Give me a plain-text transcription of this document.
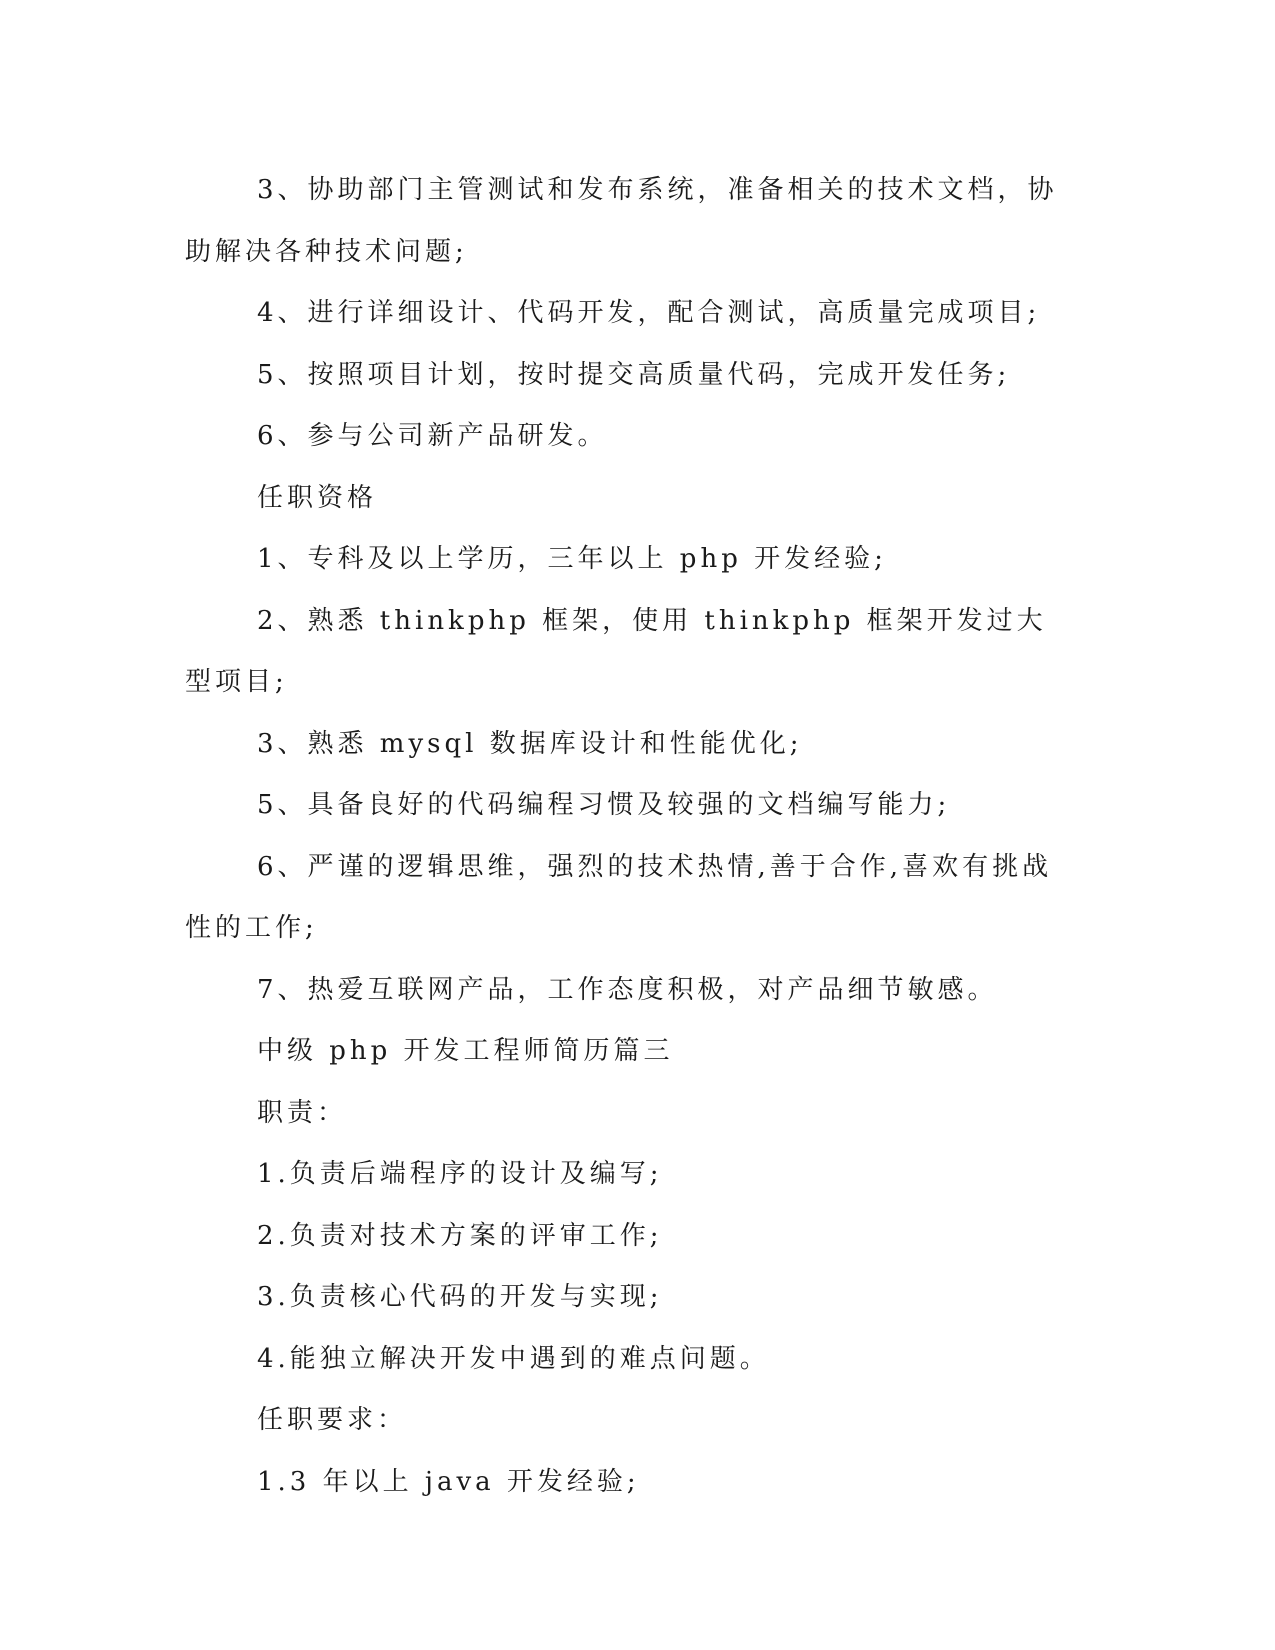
3、协助部门主管测试和发布系统，准备相关的技术文档，协助解决各种技术问题;

4、进行详细设计、代码开发，配合测试，高质量完成项目;

5、按照项目计划，按时提交高质量代码，完成开发任务;

6、参与公司新产品研发。

任职资格

1、专科及以上学历，三年以上 php 开发经验;

2、熟悉 thinkphp 框架，使用 thinkphp 框架开发过大型项目;

3、熟悉 mysql 数据库设计和性能优化;

5、具备良好的代码编程习惯及较强的文档编写能力;

6、严谨的逻辑思维，强烈的技术热情,善于合作,喜欢有挑战性的工作;

7、热爱互联网产品，工作态度积极，对产品细节敏感。

中级 php 开发工程师简历篇三

职责：

1.负责后端程序的设计及编写;

2.负责对技术方案的评审工作;

3.负责核心代码的开发与实现;

4.能独立解决开发中遇到的难点问题。

任职要求：

1.3 年以上 java 开发经验;
